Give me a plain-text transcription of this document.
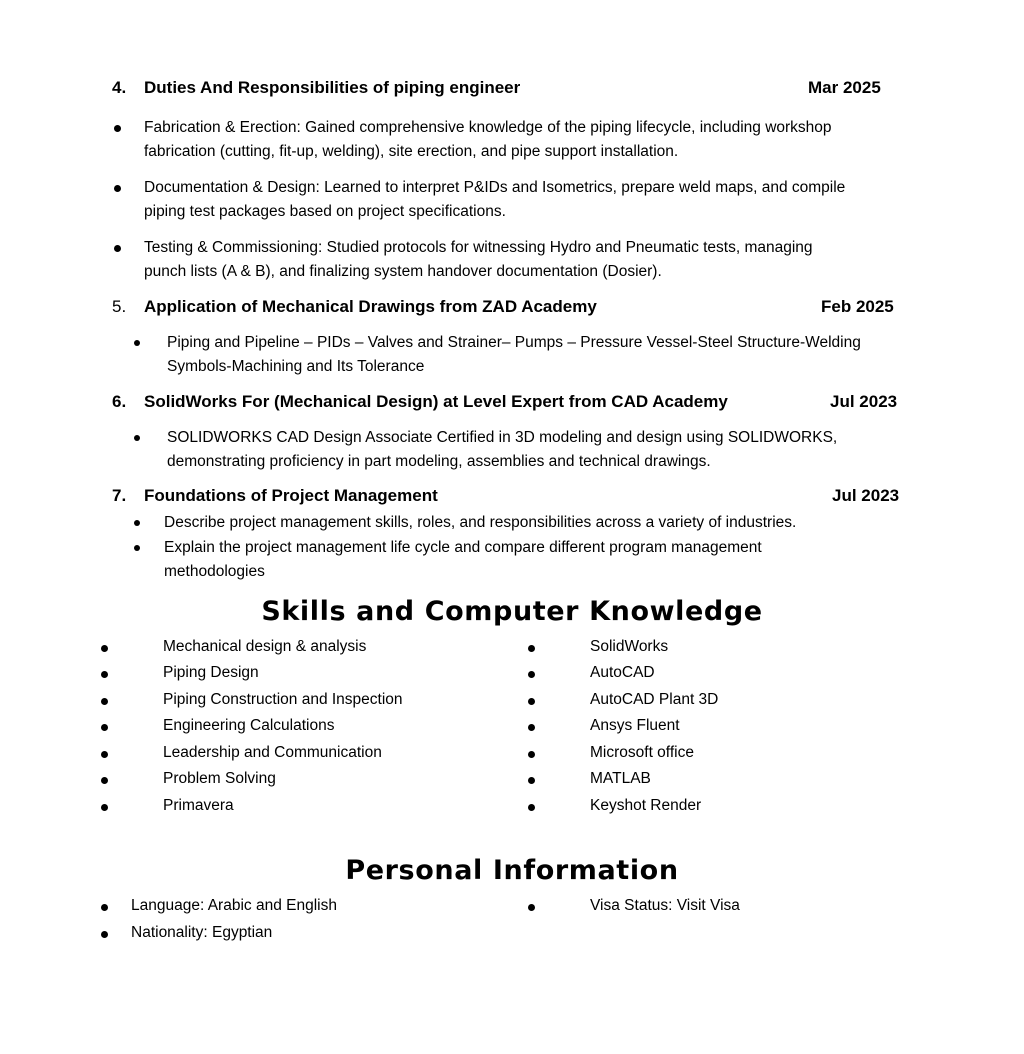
4. Duties And Responsibilities of piping engineer	Mar 2025
Fabrication & Erection: Gained comprehensive knowledge of the piping lifecycle, including workshop
fabrication (cutting, fit-up, welding), site erection, and pipe support installation.
Documentation & Design: Learned to interpret P&IDs and Isometrics, prepare weld maps, and compile
piping test packages based on project specifications.
Testing & Commissioning: Studied protocols for witnessing Hydro and Pneumatic tests, managing
punch lists (A & B), and finalizing system handover documentation (Dosier).
5. Application of Mechanical Drawings from ZAD Academy	Feb 2025
Piping and Pipeline – PIDs – Valves and Strainer– Pumps – Pressure Vessel-Steel Structure-Welding
Symbols-Machining and Its Tolerance
6. SolidWorks For (Mechanical Design) at Level Expert from CAD Academy	Jul 2023
SOLIDWORKS CAD Design Associate Certified in 3D modeling and design using SOLIDWORKS,
demonstrating proficiency in part modeling, assemblies and technical drawings.
7. Foundations of Project Management	Jul 2023
Describe project management skills, roles, and responsibilities across a variety of industries.
Explain the project management life cycle and compare different program management
methodologies
Skills and Computer Knowledge
Mechanical design & analysis
Piping Design
Piping Construction and Inspection
Engineering Calculations
Leadership and Communication
Problem Solving
Primavera
SolidWorks
AutoCAD
AutoCAD Plant 3D
Ansys Fluent
Microsoft office
MATLAB
Keyshot Render
Personal Information
Language: Arabic and English
Nationality: Egyptian
Visa Status: Visit Visa
